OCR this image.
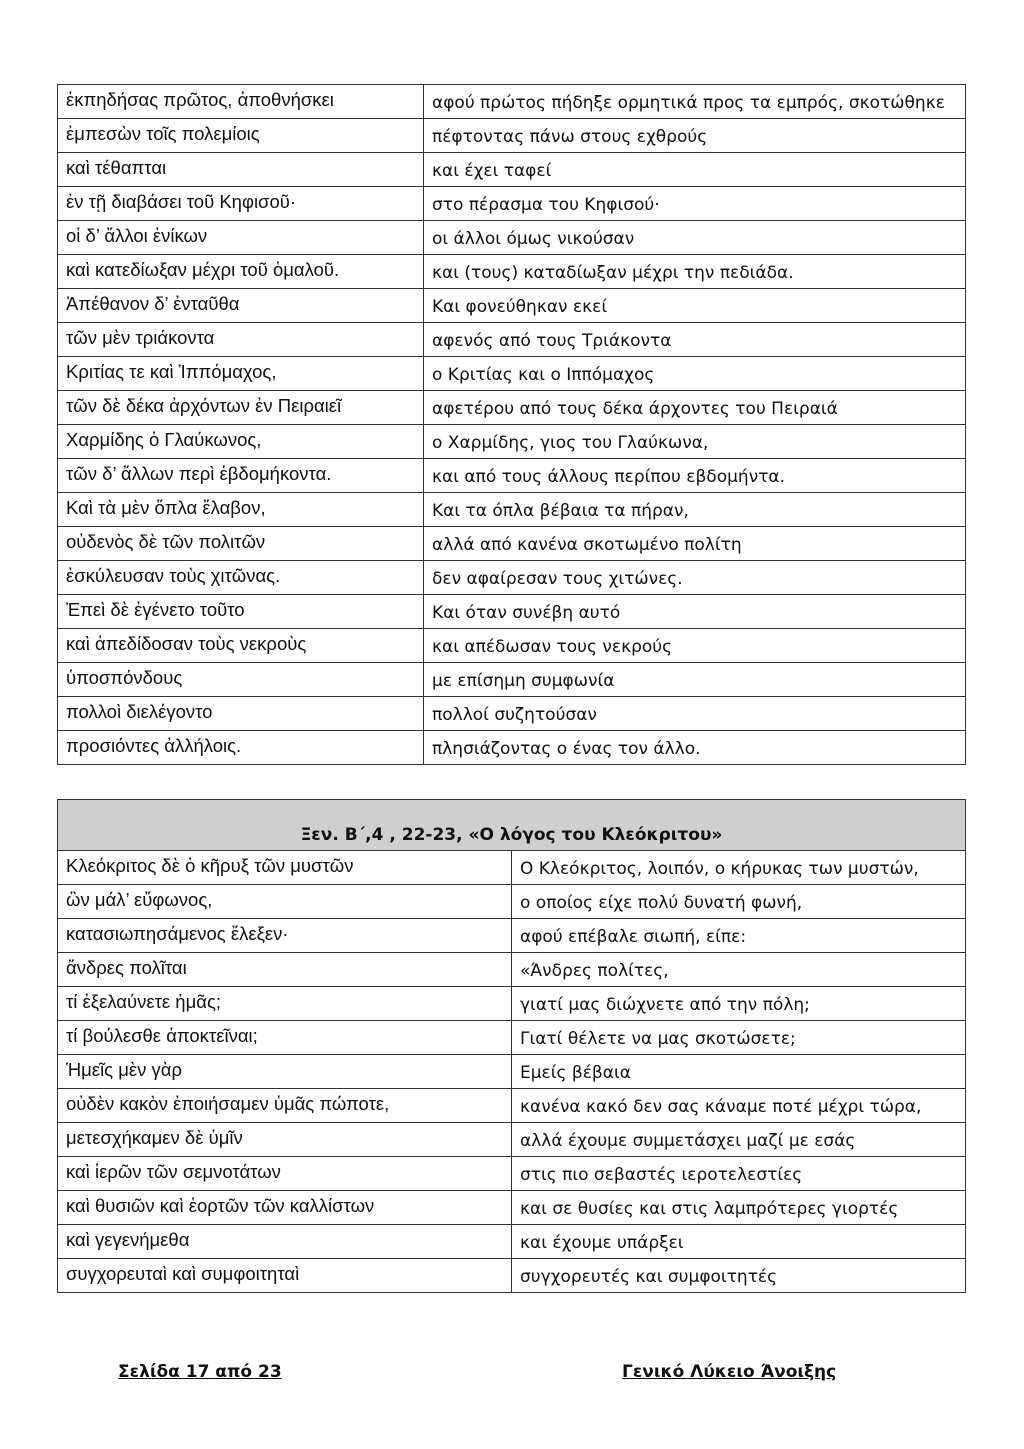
ἐκπηδήσας πρῶτος, ἀποθνήσκει	αφού πρώτος πήδηξε ορμητικά προς τα εμπρός, σκοτώθηκε
ἐμπεσὼν τοῖς πολεμίοις	πέφτοντας πάνω στους εχθρούς
καὶ τέθαπται	και έχει ταφεί
ἐν τῇ διαβάσει τοῦ Κηφισοῦ·	στο πέρασμα του Κηφισού·
οἱ δ’ ἄλλοι ἐνίκων	οι άλλοι όμως νικούσαν
καὶ κατεδίωξαν μέχρι τοῦ ὁμαλοῦ.	και (τους) καταδίωξαν μέχρι την πεδιάδα.
Ἀπέθανον δ’ ἐνταῦθα	Και φονεύθηκαν εκεί
τῶν μὲν τριάκοντα	αφενός από τους Τριάκοντα
Κριτίας τε καὶ Ἱππόμαχος,	ο Κριτίας και ο Ιππόμαχος
τῶν δὲ δέκα ἀρχόντων ἐν Πειραιεῖ	αφετέρου από τους δέκα άρχοντες του Πειραιά
Χαρμίδης ὁ Γλαύκωνος,	ο Χαρμίδης, γιος του Γλαύκωνα,
τῶν δ’ ἄλλων περὶ ἑβδομήκοντα.	και από τους άλλους περίπου εβδομήντα.
Καὶ τὰ μὲν ὅπλα ἔλαβον,	Και τα όπλα βέβαια τα πήραν,
οὐδενὸς δὲ τῶν πολιτῶν	αλλά από κανένα σκοτωμένο πολίτη
ἐσκύλευσαν τοὺς χιτῶνας.	δεν αφαίρεσαν τους χιτώνες.
Ἐπεὶ δὲ ἐγένετο τοῦτο	Και όταν συνέβη αυτό
καὶ ἀπεδίδοσαν τοὺς νεκροὺς	και απέδωσαν τους νεκρούς
ὑποσπόνδους	με επίσημη συμφωνία
πολλοὶ διελέγοντο	πολλοί συζητούσαν
προσιόντες ἀλλήλοις.	πλησιάζοντας ο ένας τον άλλο.
Ξεν. Β΄,4 , 22-23, «Ο λόγος του Κλεόκριτου»	
Κλεόκριτος δὲ ὁ κῆρυξ τῶν μυστῶν	Ο Κλεόκριτος, λοιπόν, ο κήρυκας των μυστών,
ὢν μάλ’ εὔφωνος,	ο οποίος είχε πολύ δυνατή φωνή,
κατασιωπησάμενος ἔλεξεν·	αφού επέβαλε σιωπή, είπε:
ἄνδρες πολῖται	«Άνδρες πολίτες,
τί ἐξελαύνετε ἡμᾶς;	γιατί μας διώχνετε από την πόλη;
τί βούλεσθε ἀποκτεῖναι;	Γιατί θέλετε να μας σκοτώσετε;
Ἡμεῖς μὲν γὰρ	Εμείς βέβαια
οὐδὲν κακὸν ἐποιήσαμεν ὑμᾶς πώποτε,	κανένα κακό δεν σας κάναμε ποτέ μέχρι τώρα,
μετεσχήκαμεν δὲ ὑμῖν	αλλά έχουμε συμμετάσχει μαζί με εσάς
καὶ ἱερῶν τῶν σεμνοτάτων	στις πιο σεβαστές ιεροτελεστίες
καὶ θυσιῶν καὶ ἑορτῶν τῶν καλλίστων	και σε θυσίες και στις λαμπρότερες γιορτές
καὶ γεγενήμεθα	και έχουμε υπάρξει
συγχορευταὶ καὶ συμφοιτηταὶ	συγχορευτές και συμφοιτητές
Σελίδα 17 από 23	Γενικό Λύκειο Άνοιξης
